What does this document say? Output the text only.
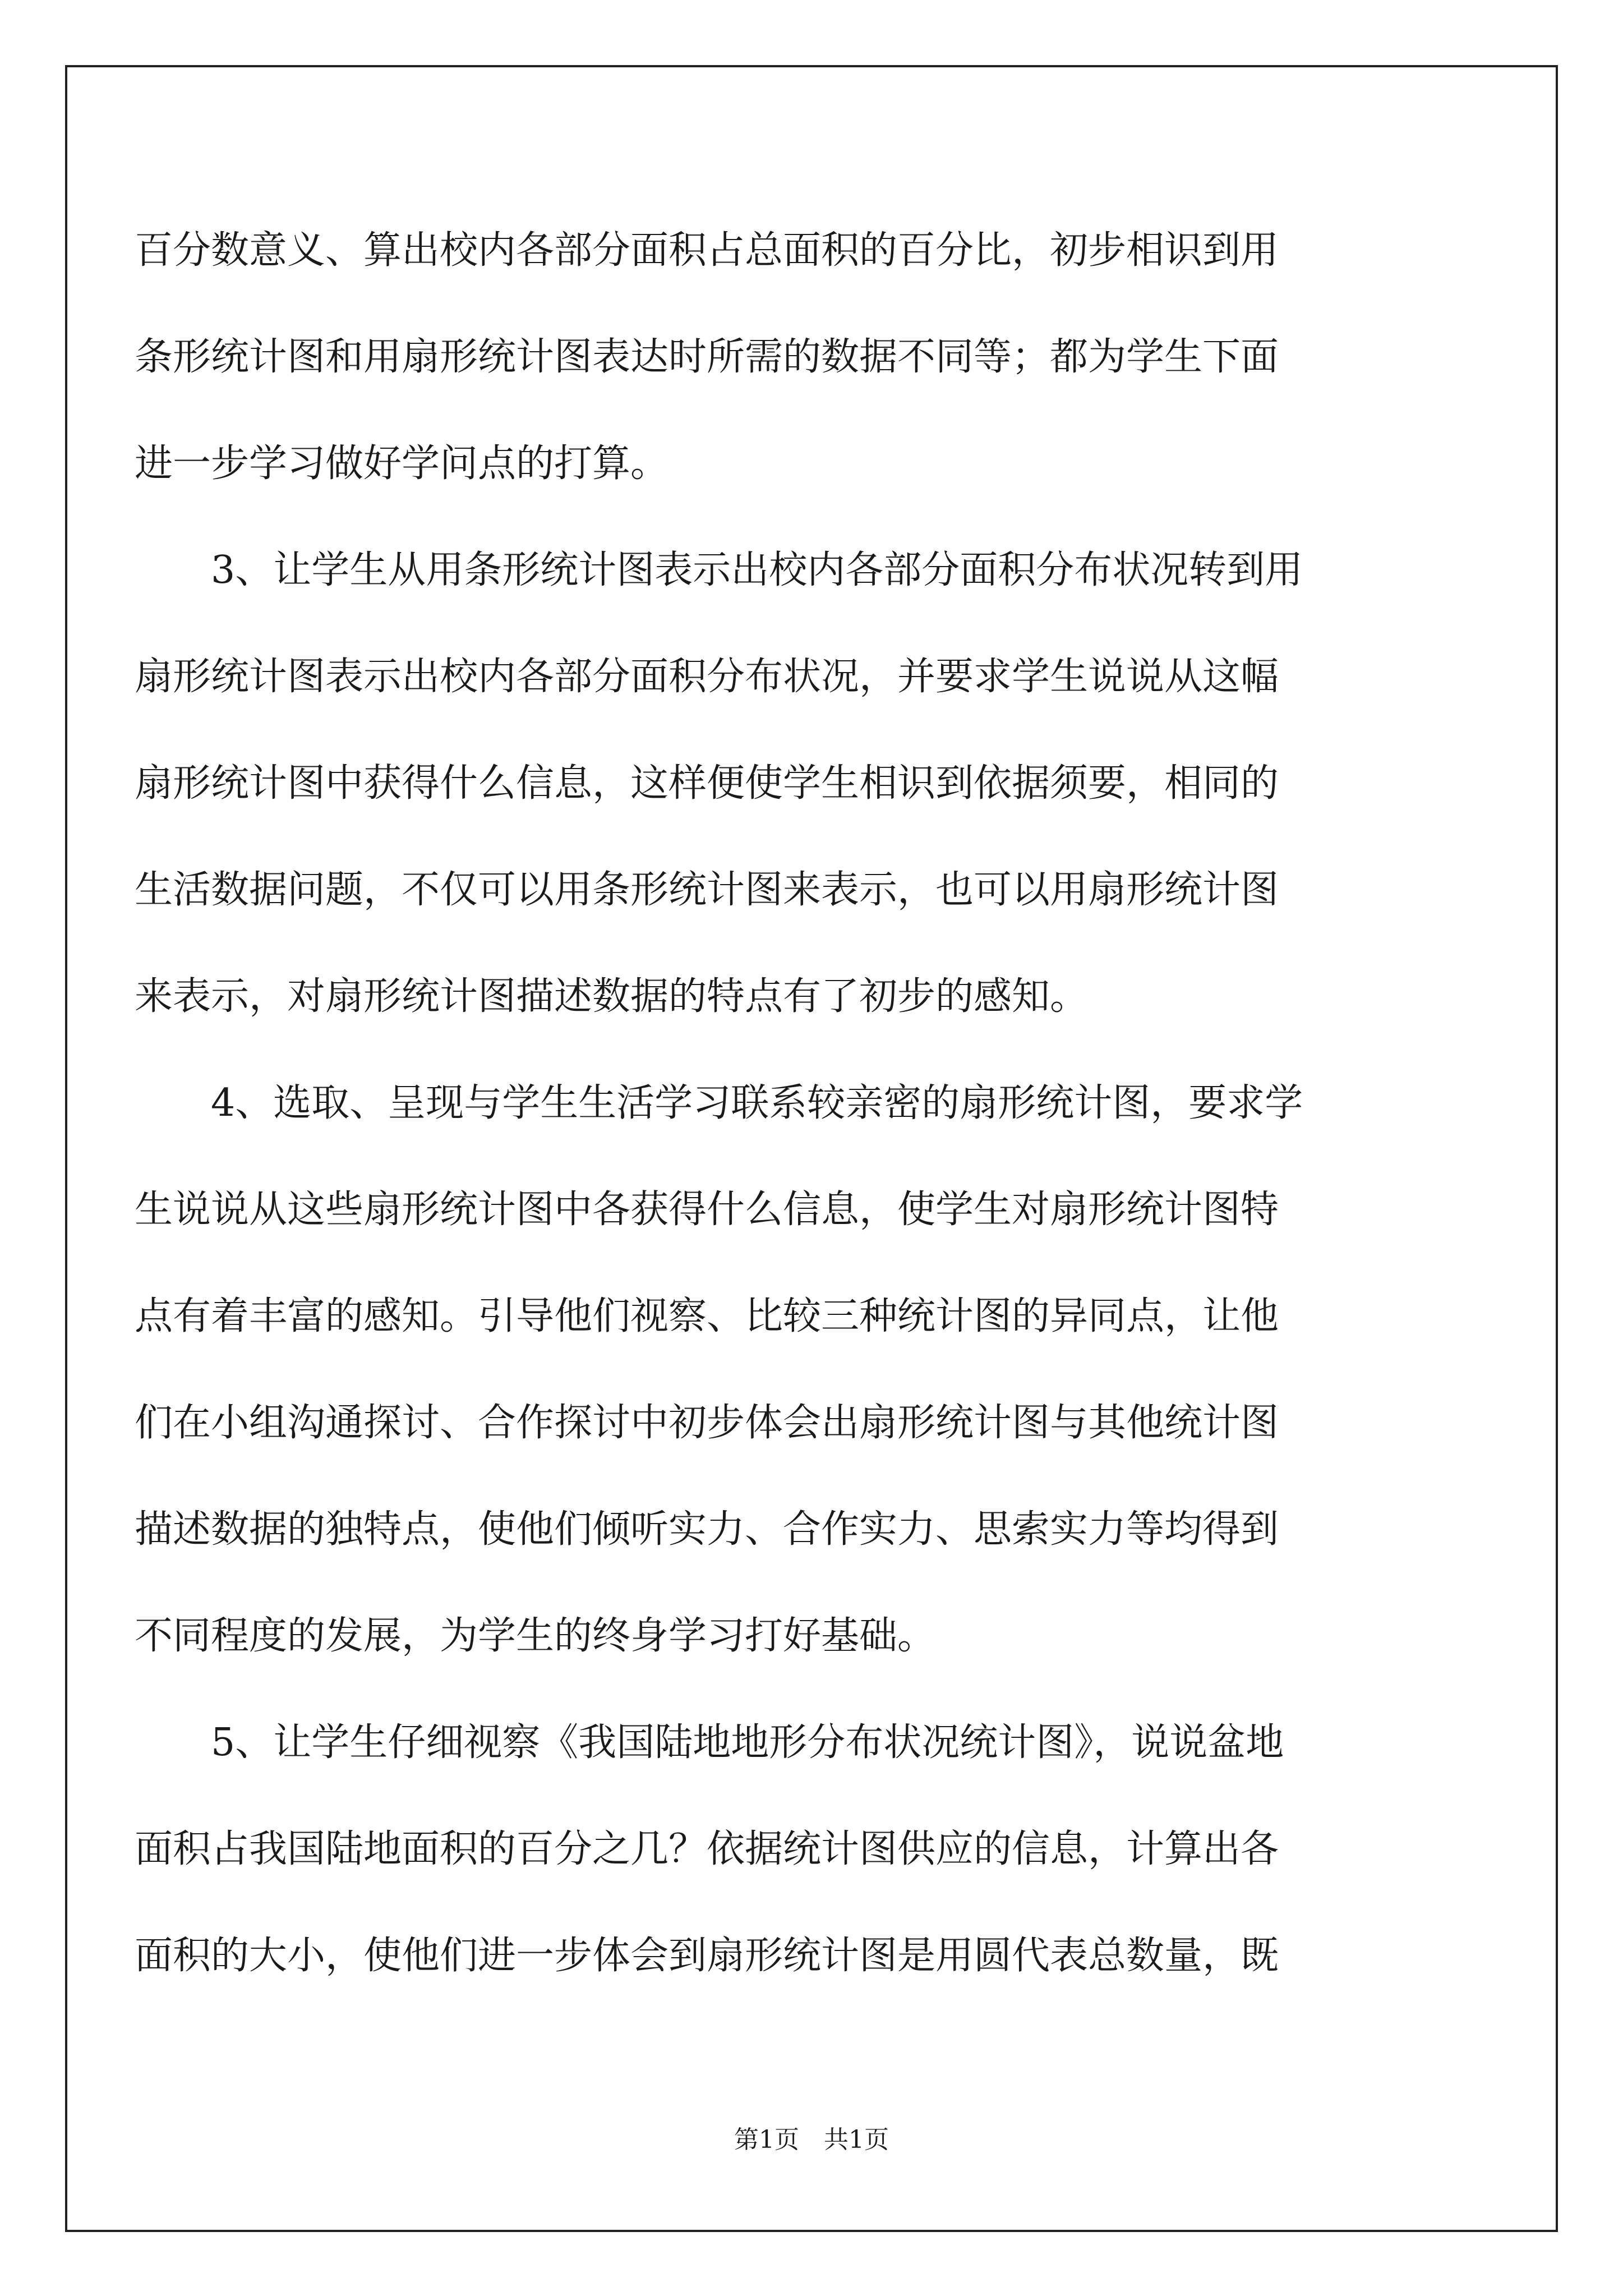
百分数意义、算出校内各部分面积占总面积的百分比，初步相识到用
条形统计图和用扇形统计图表达时所需的数据不同等；都为学生下面
进一步学习做好学问点的打算。
　　3、让学生从用条形统计图表示出校内各部分面积分布状况转到用
扇形统计图表示出校内各部分面积分布状况，并要求学生说说从这幅
扇形统计图中获得什么信息，这样便使学生相识到依据须要，相同的
生活数据问题，不仅可以用条形统计图来表示，也可以用扇形统计图
来表示，对扇形统计图描述数据的特点有了初步的感知。
　　4、选取、呈现与学生生活学习联系较亲密的扇形统计图，要求学
生说说从这些扇形统计图中各获得什么信息，使学生对扇形统计图特
点有着丰富的感知。引导他们视察、比较三种统计图的异同点，让他
们在小组沟通探讨、合作探讨中初步体会出扇形统计图与其他统计图
描述数据的独特点，使他们倾听实力、合作实力、思索实力等均得到
不同程度的发展，为学生的终身学习打好基础。
　　5、让学生仔细视察《我国陆地地形分布状况统计图》，说说盆地
面积占我国陆地面积的百分之几？依据统计图供应的信息，计算出各
面积的大小，使他们进一步体会到扇形统计图是用圆代表总数量，既
第1页　共1页
